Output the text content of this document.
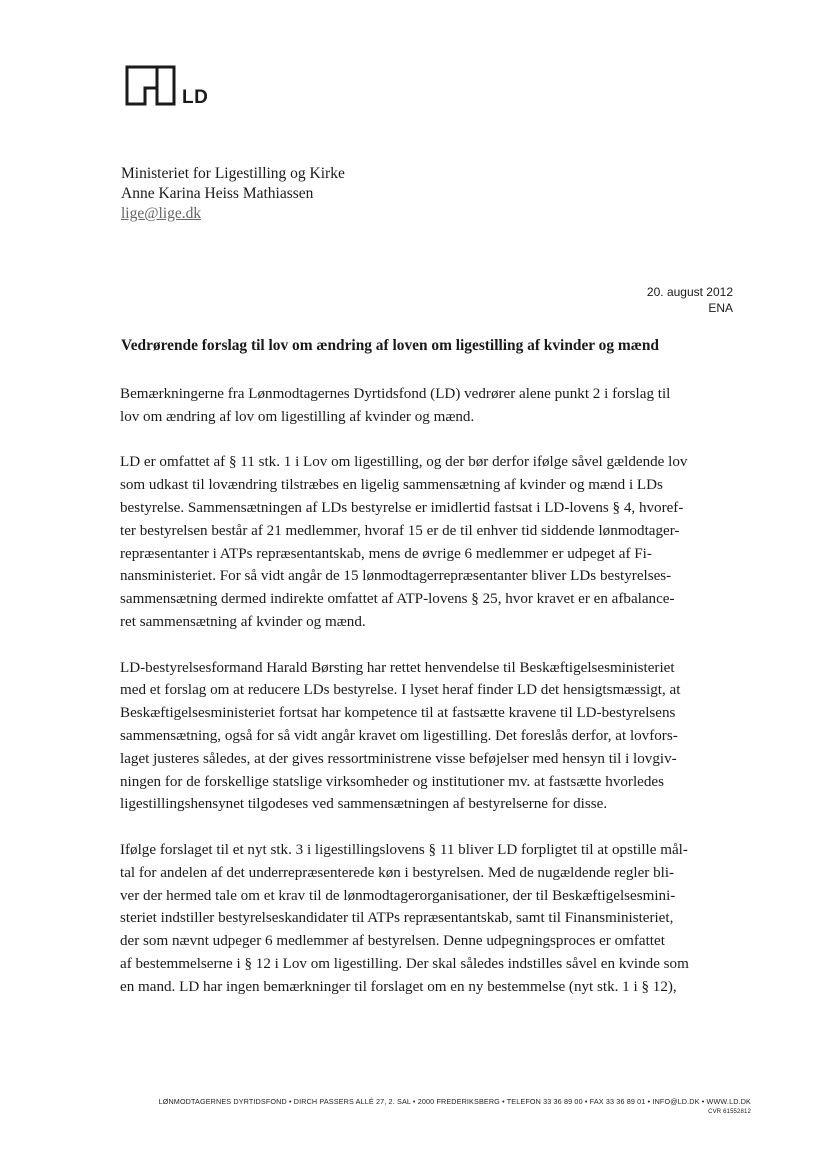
LD
Ministeriet for Ligestilling og Kirke
Anne Karina Heiss Mathiassen
lige@lige.dk
20. august 2012
ENA
Vedrørende forslag til lov om ændring af loven om ligestilling af kvinder og mænd

Bemærkningerne fra Lønmodtagernes Dyrtidsfond (LD) vedrører alene punkt 2 i forslag til
lov om ændring af lov om ligestilling af kvinder og mænd.

LD er omfattet af § 11 stk. 1 i Lov om ligestilling, og der bør derfor ifølge såvel gældende lov
som udkast til lovændring tilstræbes en ligelig sammensætning af kvinder og mænd i LDs
bestyrelse. Sammensætningen af LDs bestyrelse er imidlertid fastsat i LD-lovens § 4, hvoref-
ter bestyrelsen består af 21 medlemmer, hvoraf 15 er de til enhver tid siddende lønmodtager-
repræsentanter i ATPs repræsentantskab, mens de øvrige 6 medlemmer er udpeget af Fi-
nansministeriet. For så vidt angår de 15 lønmodtagerrepræsentanter bliver LDs bestyrelses-
sammensætning dermed indirekte omfattet af ATP-lovens § 25, hvor kravet er en afbalance-
ret sammensætning af kvinder og mænd.

LD-bestyrelsesformand Harald Børsting har rettet henvendelse til Beskæftigelsesministeriet
med et forslag om at reducere LDs bestyrelse. I lyset heraf finder LD det hensigtsmæssigt, at
Beskæftigelsesministeriet fortsat har kompetence til at fastsætte kravene til LD-bestyrelsens
sammensætning, også for så vidt angår kravet om ligestilling. Det foreslås derfor, at lovfors-
laget justeres således, at der gives ressortministrene visse beføjelser med hensyn til i lovgiv-
ningen for de forskellige statslige virksomheder og institutioner mv. at fastsætte hvorledes
ligestillingshensynet tilgodeses ved sammensætningen af bestyrelserne for disse.

Ifølge forslaget til et nyt stk. 3 i ligestillingslovens § 11 bliver LD forpligtet til at opstille mål-
tal for andelen af det underrepræsenterede køn i bestyrelsen. Med de nugældende regler bli-
ver der hermed tale om et krav til de lønmodtagerorganisationer, der til Beskæftigelsesmini-
steriet indstiller bestyrelseskandidater til ATPs repræsentantskab, samt til Finansministeriet,
der som nævnt udpeger 6 medlemmer af bestyrelsen. Denne udpegningsproces er omfattet
af bestemmelserne i § 12 i Lov om ligestilling. Der skal således indstilles såvel en kvinde som
en mand. LD har ingen bemærkninger til forslaget om en ny bestemmelse (nyt stk. 1 i § 12),

LØNMODTAGERNES DYRTIDSFOND • DIRCH PASSERS ALLÉ 27, 2. SAL • 2000 FREDERIKSBERG • TELEFON 33 36 89 00 • FAX 33 36 89 01 • INFO@LD.DK • WWW.LD.DK
CVR 61552812
